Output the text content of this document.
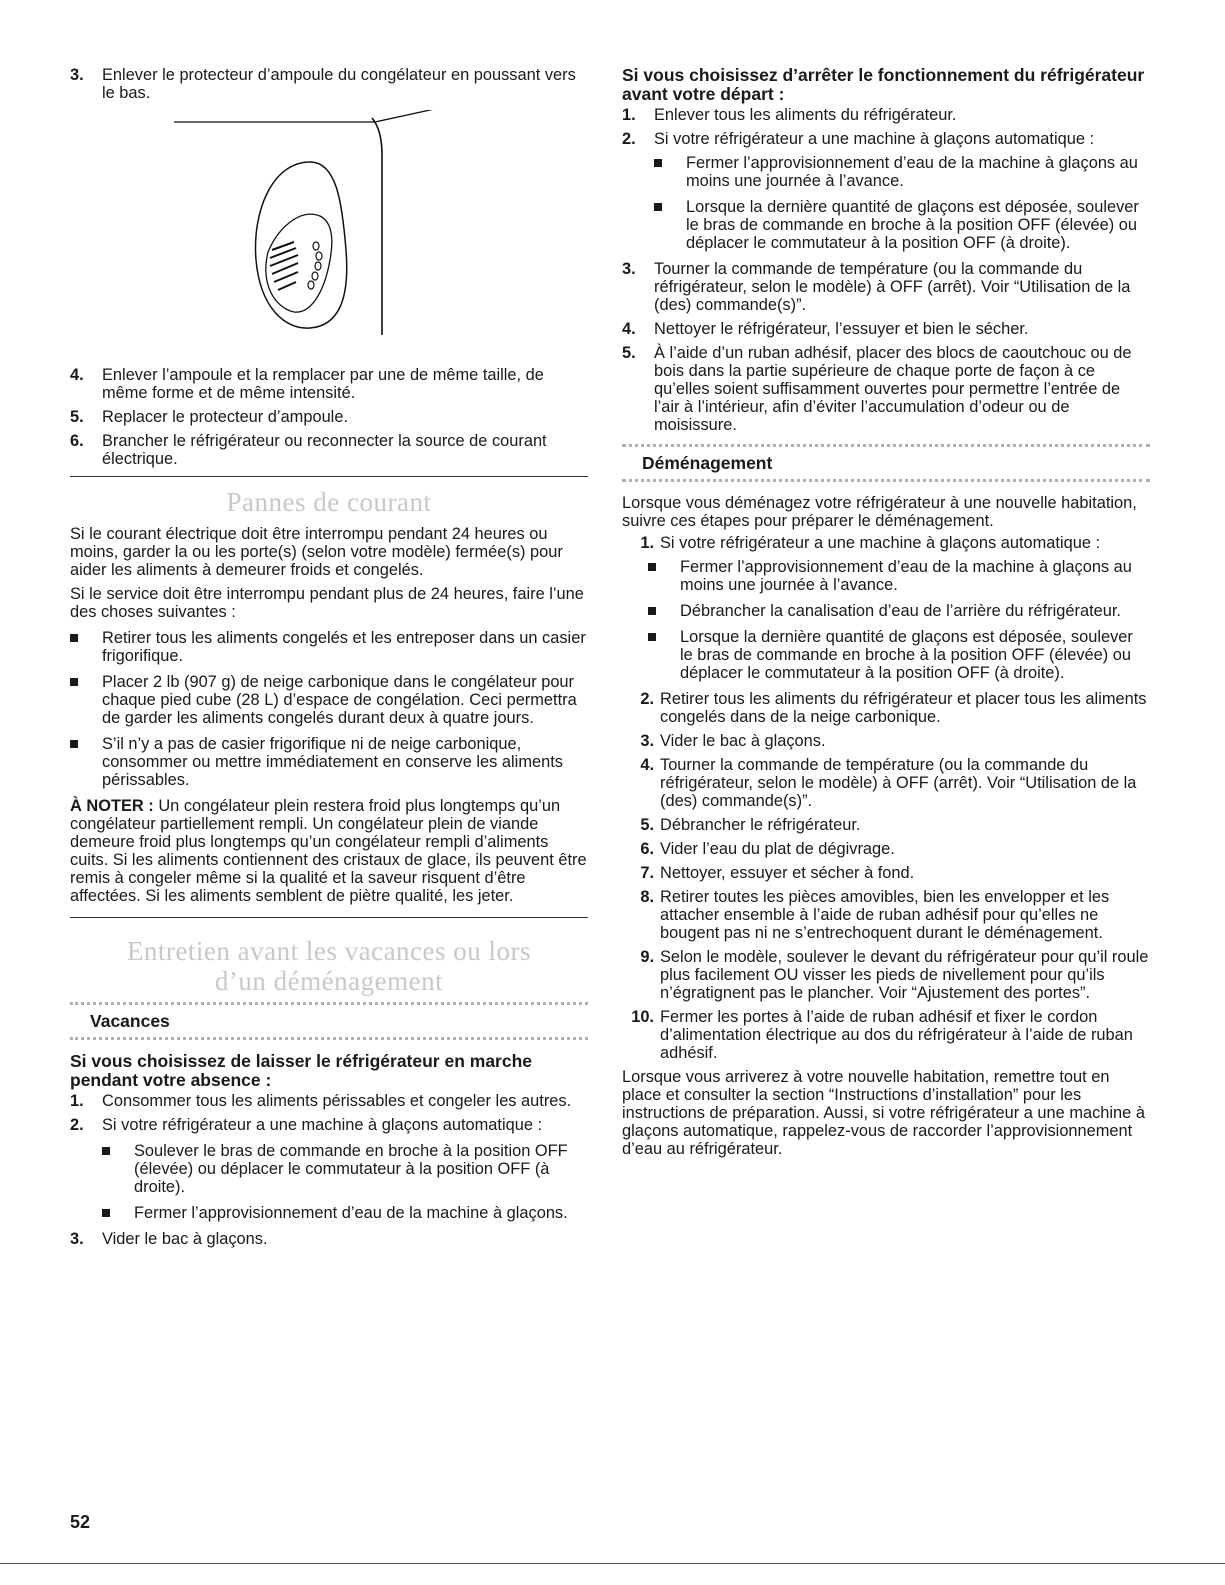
3.	Enlever le protecteur d’ampoule du congélateur en poussant vers le bas.
4.	Enlever l’ampoule et la remplacer par une de même taille, de même forme et de même intensité.
5.	Replacer le protecteur d’ampoule.
6.	Brancher le réfrigérateur ou reconnecter la source de courant électrique.
Pannes de courant

Si le courant électrique doit être interrompu pendant 24 heures ou moins, garder la ou les porte(s) (selon votre modèle) fermée(s) pour aider les aliments à demeurer froids et congelés.

Si le service doit être interrompu pendant plus de 24 heures, faire l’une des choses suivantes :

Retirer tous les aliments congelés et les entreposer dans un casier frigorifique.
Placer 2 lb (907 g) de neige carbonique dans le congélateur pour chaque pied cube (28 L) d’espace de congélation. Ceci permettra de garder les aliments congelés durant deux à quatre jours.
S’il n’y a pas de casier frigorifique ni de neige carbonique, consommer ou mettre immédiatement en conserve les aliments périssables.

À NOTER : Un congélateur plein restera froid plus longtemps qu’un congélateur partiellement rempli. Un congélateur plein de viande demeure froid plus longtemps qu’un congélateur rempli d’aliments cuits. Si les aliments contiennent des cristaux de glace, ils peuvent être remis à congeler même si la qualité et la saveur risquent d’être affectées. Si les aliments semblent de piètre qualité, les jeter.

Entretien avant les vacances ou lors
d’un déménagement
Vacances

Si vous choisissez de laisser le réfrigérateur en marche pendant votre absence :

1.	Consommer tous les aliments périssables et congeler les autres.
2.	Si votre réfrigérateur a une machine à glaçons automatique :
Soulever le bras de commande en broche à la position OFF (élevée) ou déplacer le commutateur à la position OFF (à droite).
Fermer l’approvisionnement d’eau de la machine à glaçons.
3.	Vider le bac à glaçons.

Si vous choisissez d’arrêter le fonctionnement du réfrigérateur avant votre départ :

1.	Enlever tous les aliments du réfrigérateur.
2.	Si votre réfrigérateur a une machine à glaçons automatique :
Fermer l’approvisionnement d’eau de la machine à glaçons au moins une journée à l’avance.
Lorsque la dernière quantité de glaçons est déposée, soulever le bras de commande en broche à la position OFF (élevée) ou déplacer le commutateur à la position OFF (à droite).
3.	Tourner la commande de température (ou la commande du réfrigérateur, selon le modèle) à OFF (arrêt). Voir “Utilisation de la (des) commande(s)”.
4.	Nettoyer le réfrigérateur, l’essuyer et bien le sécher.
5.	À l’aide d’un ruban adhésif, placer des blocs de caoutchouc ou de bois dans la partie supérieure de chaque porte de façon à ce qu’elles soient suffisamment ouvertes pour permettre l’entrée de l’air à l’intérieur, afin d’éviter l’accumulation d’odeur ou de moisissure.
Déménagement

Lorsque vous déménagez votre réfrigérateur à une nouvelle habitation, suivre ces étapes pour préparer le déménagement.

1. Si votre réfrigérateur a une machine à glaçons automatique :
Fermer l’approvisionnement d’eau de la machine à glaçons au moins une journée à l’avance.
Débrancher la canalisation d’eau de l’arrière du réfrigérateur.
Lorsque la dernière quantité de glaçons est déposée, soulever le bras de commande en broche à la position OFF (élevée) ou déplacer le commutateur à la position OFF (à droite).
2. Retirer tous les aliments du réfrigérateur et placer tous les aliments congelés dans de la neige carbonique.
3. Vider le bac à glaçons.
4. Tourner la commande de température (ou la commande du réfrigérateur, selon le modèle) à OFF (arrêt). Voir “Utilisation de la (des) commande(s)”.
5. Débrancher le réfrigérateur.
6. Vider l’eau du plat de dégivrage.
7. Nettoyer, essuyer et sécher à fond.
8. Retirer toutes les pièces amovibles, bien les envelopper et les attacher ensemble à l’aide de ruban adhésif pour qu’elles ne bougent pas ni ne s’entrechoquent durant le déménagement.
9. Selon le modèle, soulever le devant du réfrigérateur pour qu’il roule plus facilement OU visser les pieds de nivellement pour qu’ils n’égratignent pas le plancher. Voir “Ajustement des portes”.
10. Fermer les portes à l’aide de ruban adhésif et fixer le cordon d’alimentation électrique au dos du réfrigérateur à l’aide de ruban adhésif.

Lorsque vous arriverez à votre nouvelle habitation, remettre tout en place et consulter la section “Instructions d’installation” pour les instructions de préparation. Aussi, si votre réfrigérateur a une machine à glaçons automatique, rappelez-vous de raccorder l’approvisionnement d’eau au réfrigérateur.

52
